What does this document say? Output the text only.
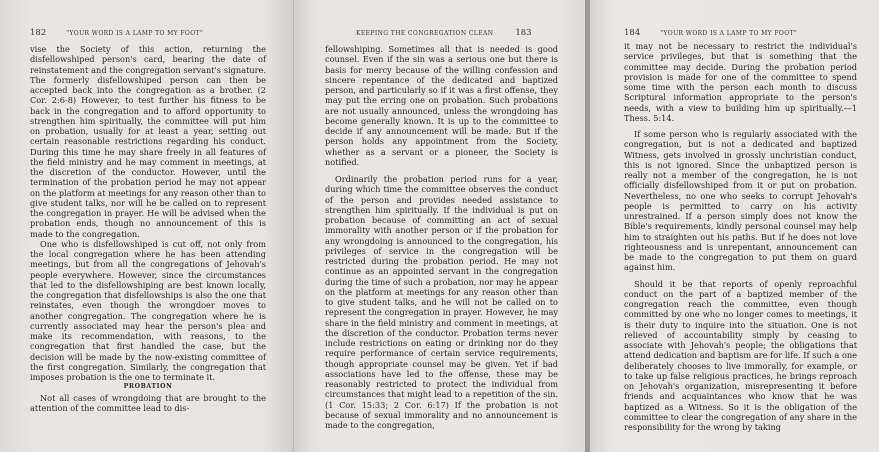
182	"YOUR WORD IS A LAMP TO MY FOOT"

vise the Society of this action, returning the disfellowshiped person's card, bearing the date of reinstatement and the congregation servant's signature. The formerly disfellowshiped person can then be accepted back into the congregation as a brother. (2 Cor. 2:6-8) However, to test further his fitness to be back in the congregation and to afford opportunity to strengthen him spiritually, the committee will put him on probation, usually for at least a year, setting out certain reasonable restrictions regarding his conduct. During this time he may share freely in all features of the field ministry and he may comment in meetings, at the discretion of the conductor. However, until the termination of the probation period he may not appear on the platform at meetings for any reason other than to give student talks, nor will he be called on to represent the congregation in prayer. He will be advised when the probation ends, though no announcement of this is made to the congregation.

One who is disfellowshiped is cut off, not only from the local congregation where he has been attending meetings, but from all the congregations of Jehovah's people everywhere. However, since the circumstances that led to the disfellowshiping are best known locally, the congregation that disfellowships is also the one that reinstates, even though the wrongdoer moves to another congregation. The congregation where he is currently associated may hear the person's plea and make its recommendation, with reasons, to the congregation that first handled the case, but the decision will be made by the now-existing committee of the first congregation. Similarly, the congregation that imposes probation is the one to terminate it.

PROBATION

Not all cases of wrongdoing that are brought to the attention of the committee lead to dis-

KEEPING THE CONGREGATION CLEAN	183

fellowshiping. Sometimes all that is needed is good counsel. Even if the sin was a serious one but there is basis for mercy because of the willing confession and sincere repentance of the dedicated and baptized person, and particularly so if it was a first offense, they may put the erring one on probation. Such probations are not usually announced, unless the wrongdoing has become generally known. It is up to the committee to decide if any announcement will be made. But if the person holds any appointment from the Society, whether as a servant or a pioneer, the Society is notified.

Ordinarily the probation period runs for a year, during which time the committee observes the conduct of the person and provides needed assistance to strengthen him spiritually. If the individual is put on probation because of committing an act of sexual immorality with another person or if the probation for any wrongdoing is announced to the congregation, his privileges of service in the congregation will be restricted during the probation period. He may not continue as an appointed servant in the congregation during the time of such a probation, nor may he appear on the platform at meetings for any reason other than to give student talks, and he will not be called on to represent the congregation in prayer. However, he may share in the field ministry and comment in meetings, at the discretion of the conductor. Probation terms never include restrictions on eating or drinking nor do they require performance of certain service requirements, though appropriate counsel may be given. Yet if bad associations have led to the offense, these may be reasonably restricted to protect the individual from circumstances that might lead to a repetition of the sin. (1 Cor. 15:33; 2 Cor. 6:17) If the probation is not because of sexual immorality and no announcement is made to the congregation,

184	"YOUR WORD IS A LAMP TO MY FOOT"

it may not be necessary to restrict the individual's service privileges, but that is something that the committee may decide. During the probation period provision is made for one of the committee to spend some time with the person each month to discuss Scriptural information appropriate to the person's needs, with a view to building him up spiritually.—1 Thess. 5:14.

If some person who is regularly associated with the congregation, but is not a dedicated and baptized Witness, gets involved in grossly unchristian conduct, this is not ignored. Since the unbaptized person is really not a member of the congregation, he is not officially disfellowshiped from it or put on probation. Nevertheless, no one who seeks to corrupt Jehovah's people is permitted to carry on his activity unrestrained. If a person simply does not know the Bible's requirements, kindly personal counsel may help him to straighten out his paths. But if he does not love righteousness and is unrepentant, announcement can be made to the congregation to put them on guard against him.

Should it be that reports of openly reproachful conduct on the part of a baptized member of the congregation reach the committee, even though committed by one who no longer comes to meetings, it is their duty to inquire into the situation. One is not relieved of accountability simply by ceasing to associate with Jehovah's people; the obligations that attend dedication and baptism are for life. If such a one deliberately chooses to live immorally, for example, or to take up false religious practices, he brings reproach on Jehovah's organization, misrepresenting it before friends and acquaintances who know that he was baptized as a Witness. So it is the obligation of the committee to clear the congregation of any share in the responsibility for the wrong by taking
